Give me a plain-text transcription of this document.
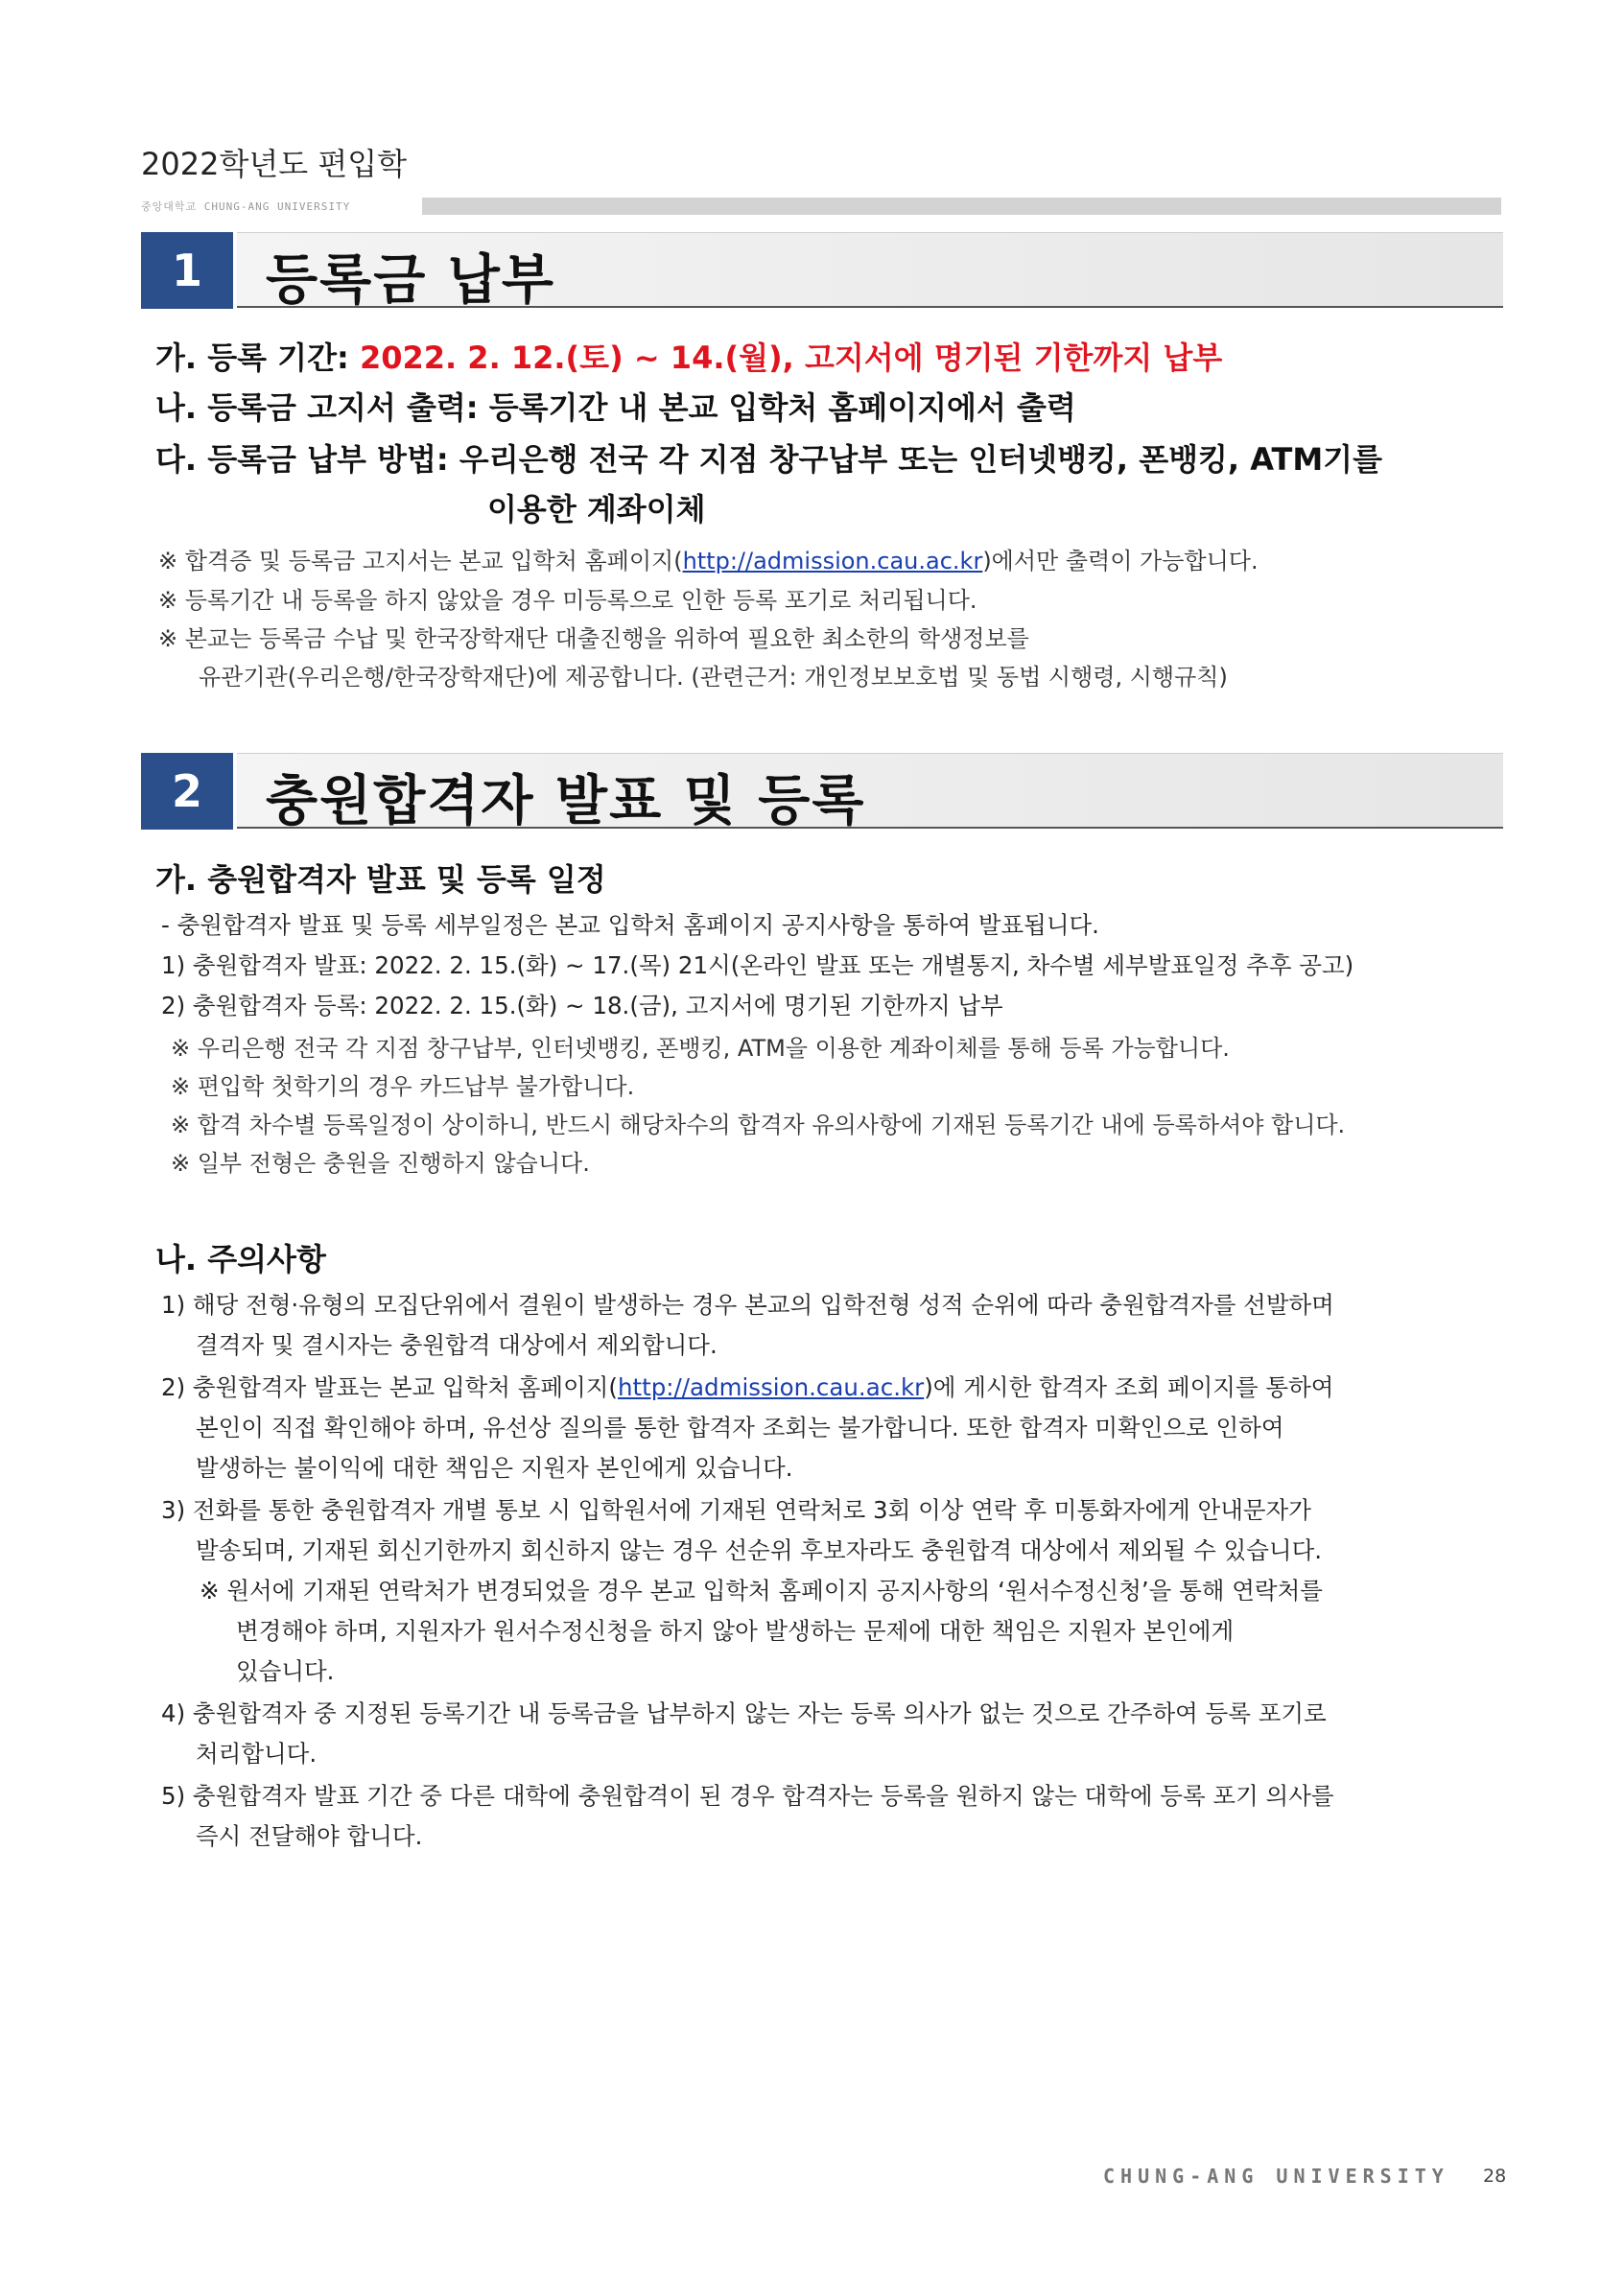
2022학년도 편입학
중앙대학교 CHUNG-ANG UNIVERSITY
1	등록금 납부
가. 등록 기간: 2022. 2. 12.(토) ~ 14.(월), 고지서에 명기된 기한까지 납부
나. 등록금 고지서 출력: 등록기간 내 본교 입학처 홈페이지에서 출력
다. 등록금 납부 방법: 우리은행 전국 각 지점 창구납부 또는 인터넷뱅킹, 폰뱅킹, ATM기를
이용한 계좌이체
※ 합격증 및 등록금 고지서는 본교 입학처 홈페이지(http://admission.cau.ac.kr)에서만 출력이 가능합니다.
※ 등록기간 내 등록을 하지 않았을 경우 미등록으로 인한 등록 포기로 처리됩니다.
※ 본교는 등록금 수납 및 한국장학재단 대출진행을 위하여 필요한 최소한의 학생정보를
유관기관(우리은행/한국장학재단)에 제공합니다. (관련근거: 개인정보보호법 및 동법 시행령, 시행규칙)
2	충원합격자 발표 및 등록
가. 충원합격자 발표 및 등록 일정
- 충원합격자 발표 및 등록 세부일정은 본교 입학처 홈페이지 공지사항을 통하여 발표됩니다.
1) 충원합격자 발표: 2022. 2. 15.(화) ~ 17.(목) 21시(온라인 발표 또는 개별통지, 차수별 세부발표일정 추후 공고)
2) 충원합격자 등록: 2022. 2. 15.(화) ~ 18.(금), 고지서에 명기된 기한까지 납부
※ 우리은행 전국 각 지점 창구납부, 인터넷뱅킹, 폰뱅킹, ATM을 이용한 계좌이체를 통해 등록 가능합니다.
※ 편입학 첫학기의 경우 카드납부 불가합니다.
※ 합격 차수별 등록일정이 상이하니, 반드시 해당차수의 합격자 유의사항에 기재된 등록기간 내에 등록하셔야 합니다.
※ 일부 전형은 충원을 진행하지 않습니다.
나. 주의사항
1) 해당 전형·유형의 모집단위에서 결원이 발생하는 경우 본교의 입학전형 성적 순위에 따라 충원합격자를 선발하며
결격자 및 결시자는 충원합격 대상에서 제외합니다.
2) 충원합격자 발표는 본교 입학처 홈페이지(http://admission.cau.ac.kr)에 게시한 합격자 조회 페이지를 통하여
본인이 직접 확인해야 하며, 유선상 질의를 통한 합격자 조회는 불가합니다. 또한 합격자 미확인으로 인하여
발생하는 불이익에 대한 책임은 지원자 본인에게 있습니다.
3) 전화를 통한 충원합격자 개별 통보 시 입학원서에 기재된 연락처로 3회 이상 연락 후 미통화자에게 안내문자가
발송되며, 기재된 회신기한까지 회신하지 않는 경우 선순위 후보자라도 충원합격 대상에서 제외될 수 있습니다.
※ 원서에 기재된 연락처가 변경되었을 경우 본교 입학처 홈페이지 공지사항의 ‘원서수정신청’을 통해 연락처를
변경해야 하며, 지원자가 원서수정신청을 하지 않아 발생하는 문제에 대한 책임은 지원자 본인에게
있습니다.
4) 충원합격자 중 지정된 등록기간 내 등록금을 납부하지 않는 자는 등록 의사가 없는 것으로 간주하여 등록 포기로
처리합니다.
5) 충원합격자 발표 기간 중 다른 대학에 충원합격이 된 경우 합격자는 등록을 원하지 않는 대학에 등록 포기 의사를
즉시 전달해야 합니다.
CHUNG-ANG UNIVERSITY 28
